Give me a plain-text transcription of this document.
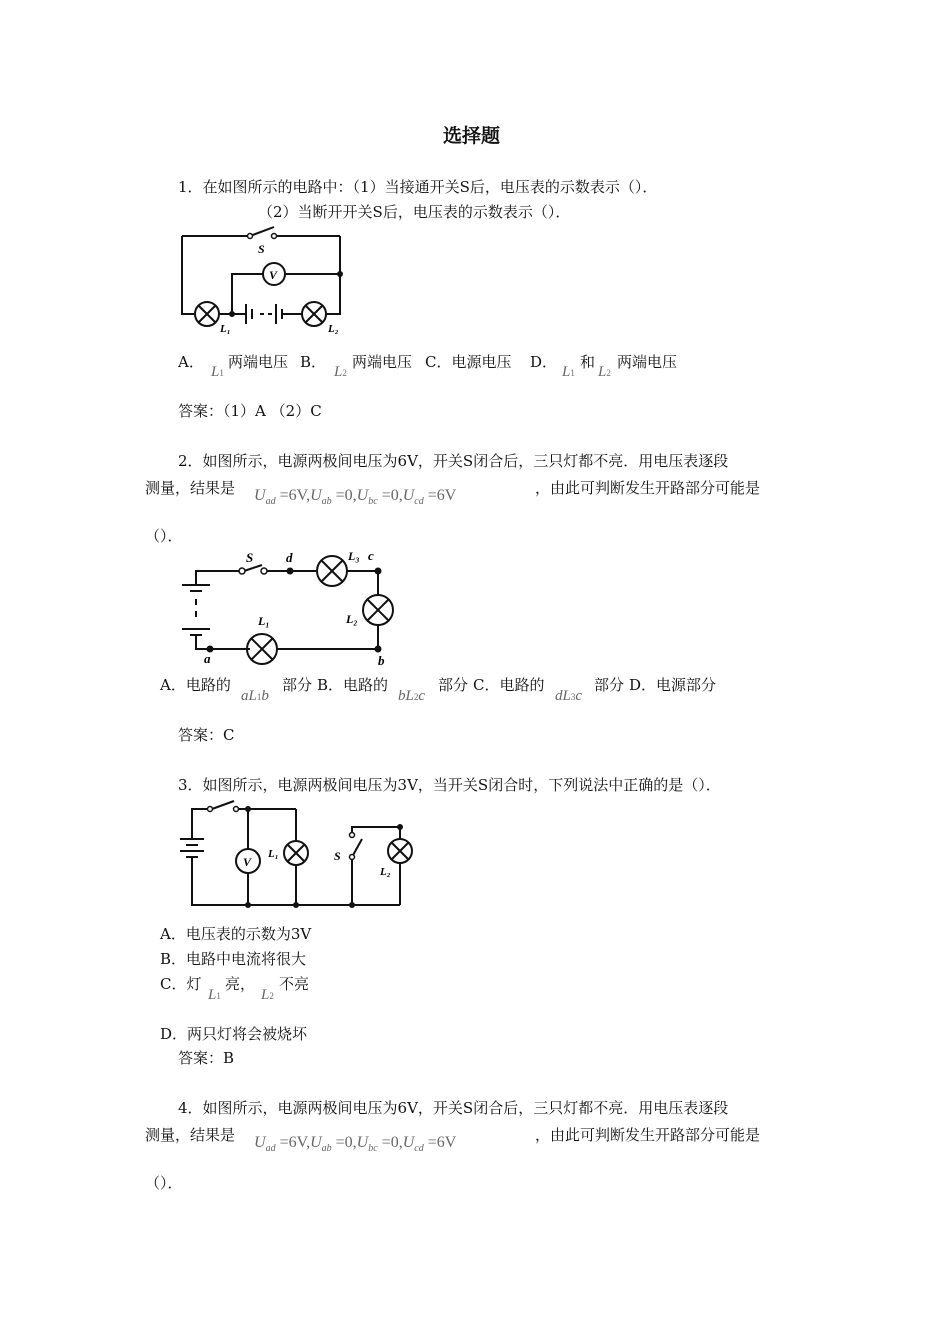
选择题
1．在如图所示的电路中：（1）当接通开关S后，电压表的示数表示（）．
（2）当断开开关S后，电压表的示数表示（）．
S
V
L₁	L₂
A．
L1
两端电压 B．
L2
两端电压 C．电源电压 D．
L1
和
L2
两端电压
答案：（1）A （2）C
2．如图所示，电源两极间电压为6V，开关S闭合后，三只灯都不亮．用电压表逐段
测量，结果是 $U_{ad} =6V,U_{ab} =0,U_{bc} =0,U_{cd} =6V$	，由此可判断发生开路部分可能是
（）．
S	d	L₃ c
L₂
L₁
a	b
A．电路的
aL1b
部分 B．电路的
bL2c
部分 C．电路的
dL3c
部分 D．电源部分
答案：C
3．如图所示，电源两极间电压为3V，当开关S闭合时，下列说法中正确的是（）．
V
L₁	S
L₂
A．电压表的示数为3V
B．电路中电流将很大
C．灯
L1
亮，
L2
不亮
D．两只灯将会被烧坏
答案：B
4．如图所示，电源两极间电压为6V，开关S闭合后，三只灯都不亮．用电压表逐段
测量，结果是 $U_{ad} =6V,U_{ab} =0,U_{bc} =0,U_{cd} =6V$	，由此可判断发生开路部分可能是
（）．
